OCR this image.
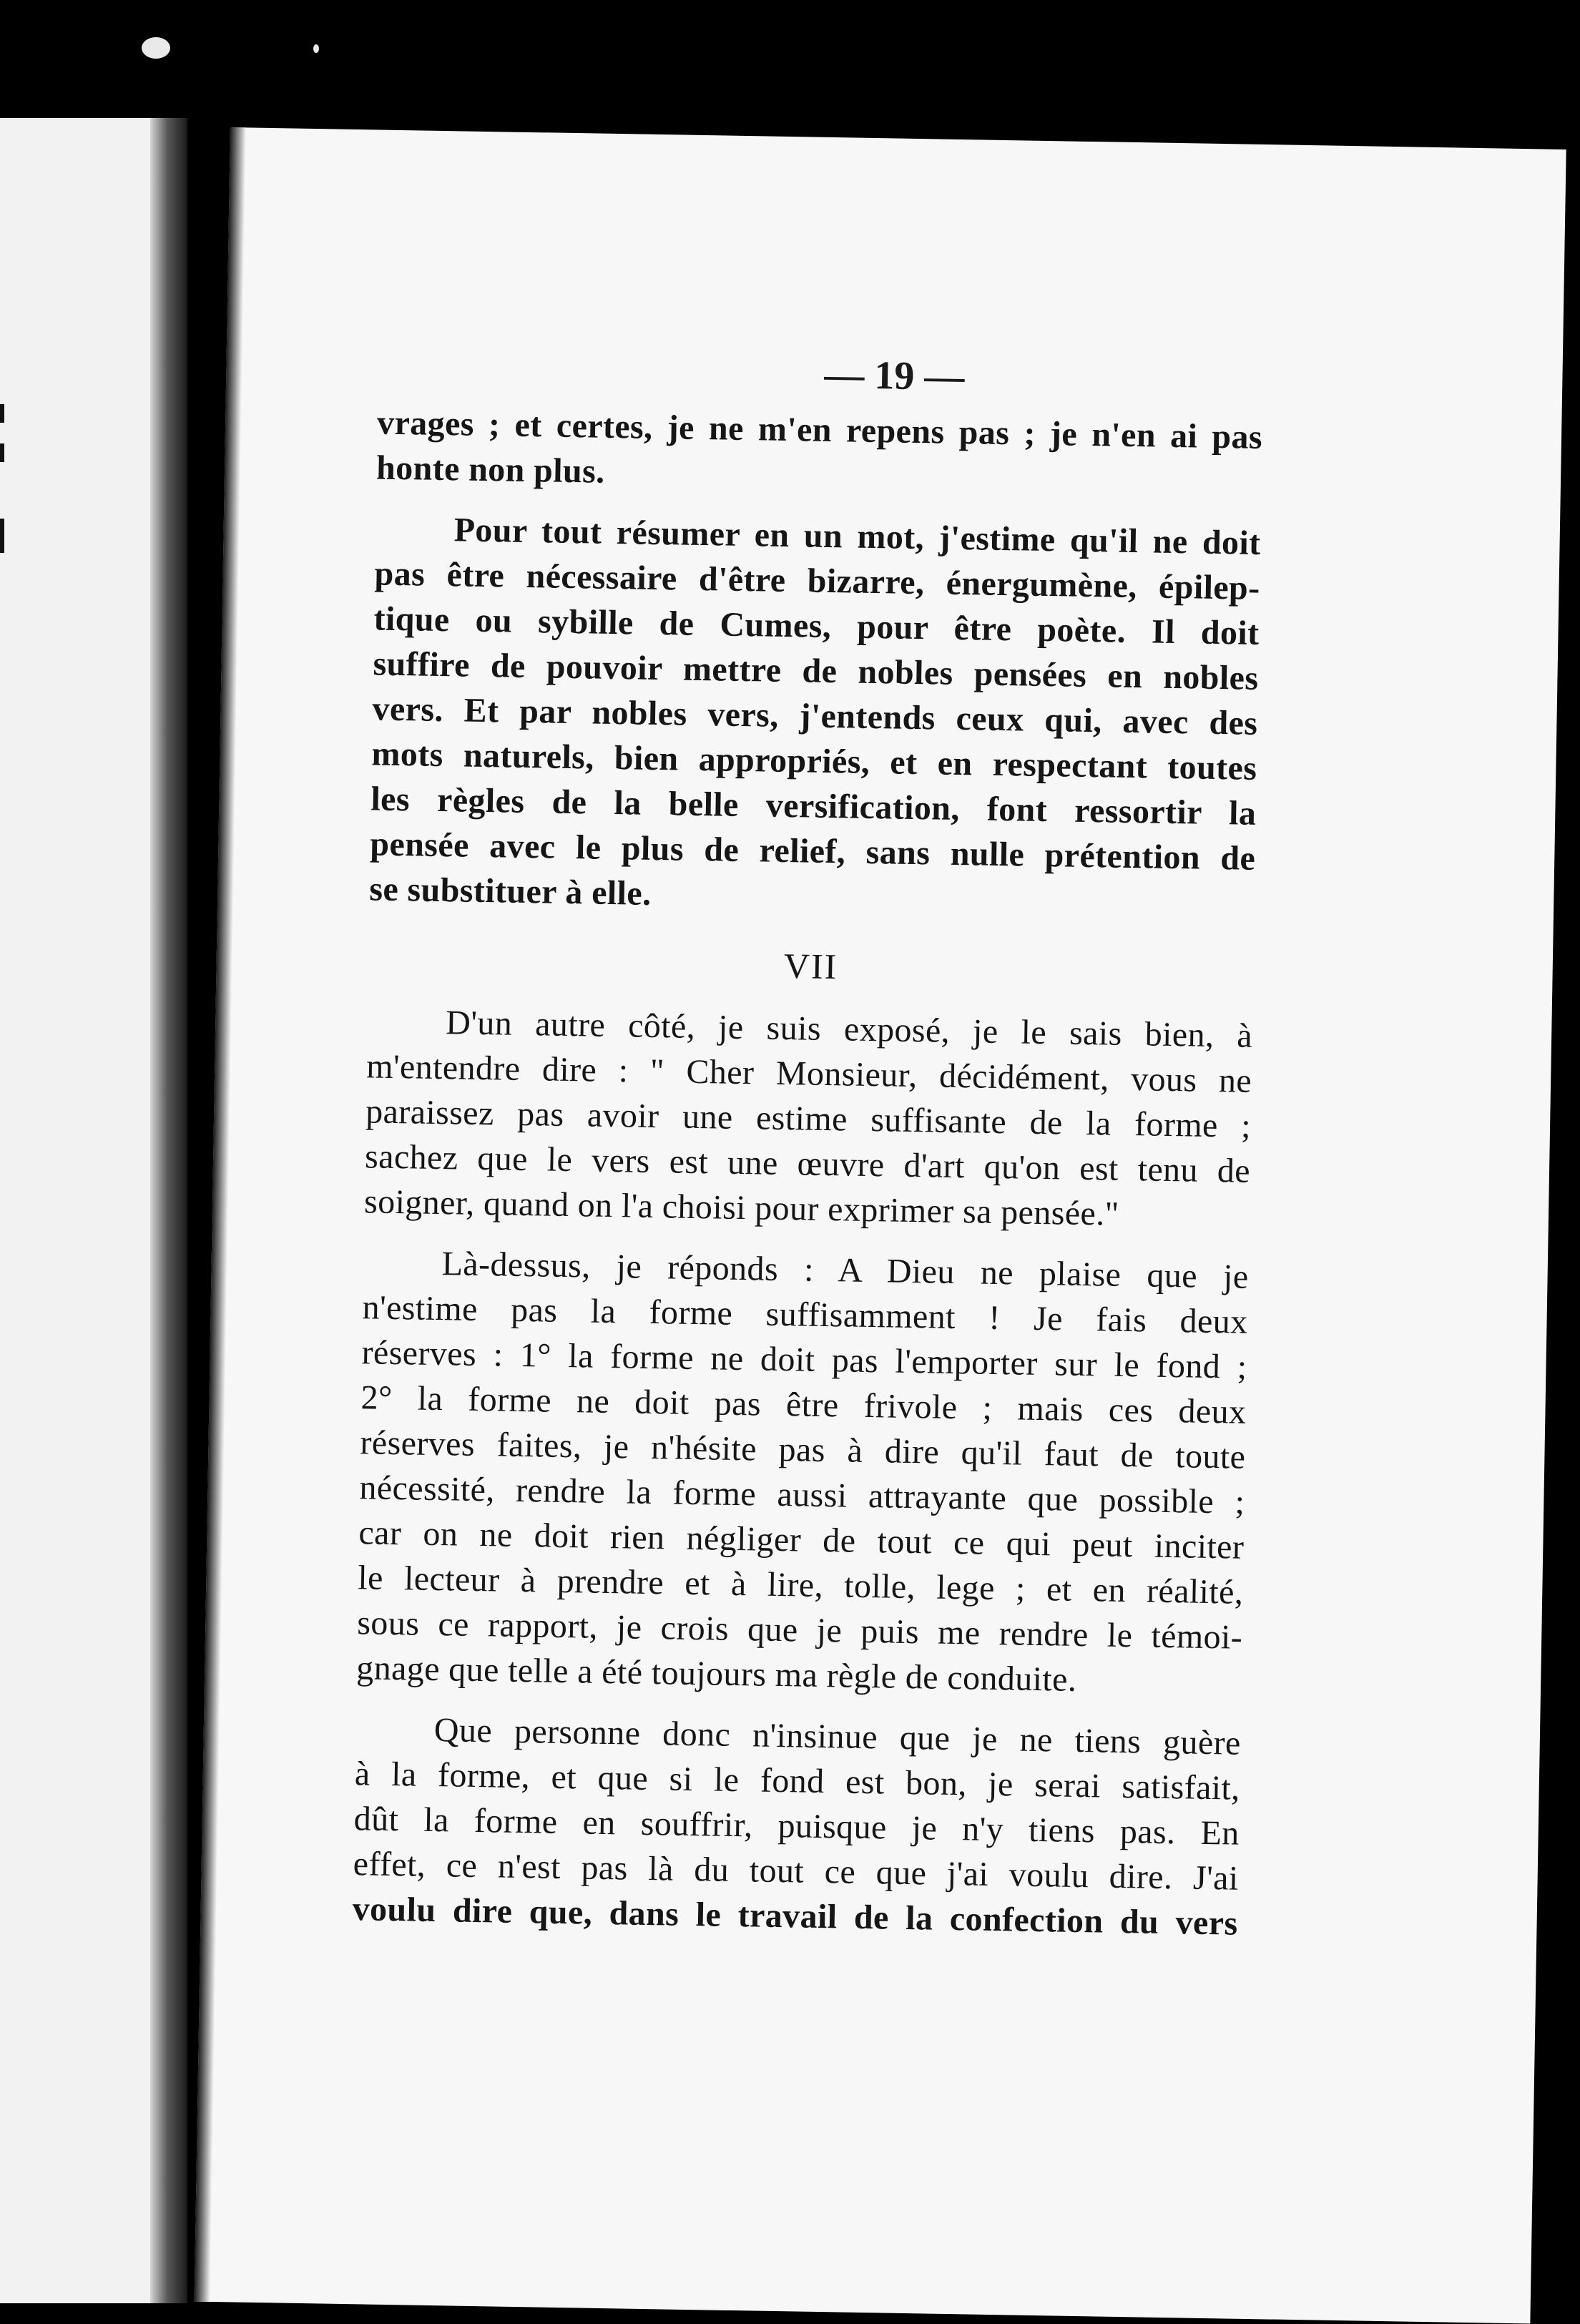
— 19 —
vrages ; et certes, je ne m'en repens pas ; je n'en ai pas
honte non plus.
Pour tout résumer en un mot, j'estime qu'il ne doit
pas être nécessaire d'être bizarre, énergumène, épilep-
tique ou sybille de Cumes, pour être poète. Il doit
suffire de pouvoir mettre de nobles pensées en nobles
vers. Et par nobles vers, j'entends ceux qui, avec des
mots naturels, bien appropriés, et en respectant toutes
les règles de la belle versification, font ressortir la
pensée avec le plus de relief, sans nulle prétention de
se substituer à elle.
VII
D'un autre côté, je suis exposé, je le sais bien, à
m'entendre dire : " Cher Monsieur, décidément, vous ne
paraissez pas avoir une estime suffisante de la forme ;
sachez que le vers est une œuvre d'art qu'on est tenu de
soigner, quand on l'a choisi pour exprimer sa pensée."
Là-dessus, je réponds : A Dieu ne plaise que je
n'estime pas la forme suffisamment ! Je fais deux
réserves : 1° la forme ne doit pas l'emporter sur le fond ;
2° la forme ne doit pas être frivole ; mais ces deux
réserves faites, je n'hésite pas à dire qu'il faut de toute
nécessité, rendre la forme aussi attrayante que possible ;
car on ne doit rien négliger de tout ce qui peut inciter
le lecteur à prendre et à lire, tolle, lege ; et en réalité,
sous ce rapport, je crois que je puis me rendre le témoi-
gnage que telle a été toujours ma règle de conduite.
Que personne donc n'insinue que je ne tiens guère
à la forme, et que si le fond est bon, je serai satisfait,
dût la forme en souffrir, puisque je n'y tiens pas. En
effet, ce n'est pas là du tout ce que j'ai voulu dire. J'ai
voulu dire que, dans le travail de la confection du vers
